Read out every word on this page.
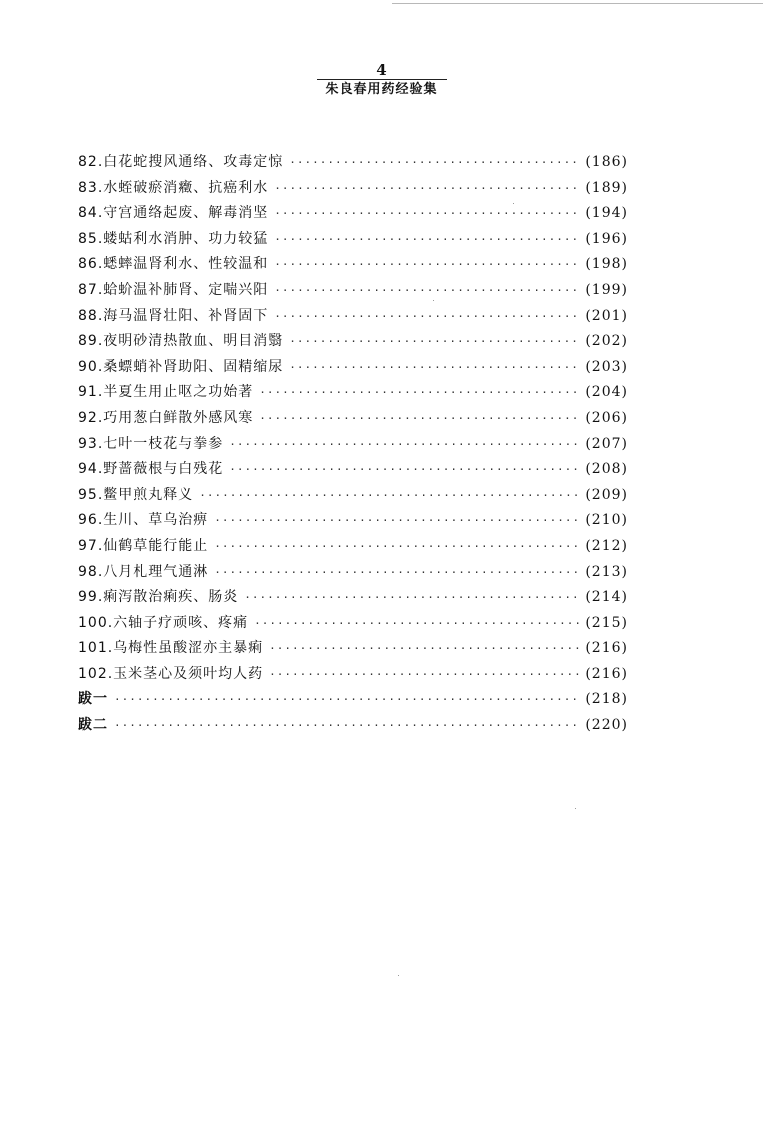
4
朱良春用药经验集
82.白花蛇搜风通络、攻毒定惊 ·····	(186)
83.水蛭破瘀消癥、抗癌利水 ·····	(189)
84.守宫通络起废、解毒消坚 ·····	(194)
85.蝼蛄利水消肿、功力较猛 ·····	(196)
86.蟋蟀温肾利水、性较温和 ·····	(198)
87.蛤蚧温补肺肾、定喘兴阳 ·····	(199)
88.海马温肾壮阳、补肾固下 ·····	(201)
89.夜明砂清热散血、明目消翳 ·····	(202)
90.桑螵蛸补肾助阳、固精缩尿 ·····	(203)
91.半夏生用止呕之功始著 ·····	(204)
92.巧用葱白鲜散外感风寒 ·····	(206)
93.七叶一枝花与拳参 ·····	(207)
94.野蔷薇根与白残花 ·····	(208)
95.鳖甲煎丸释义 ·····	(209)
96.生川、草乌治痹 ·····	(210)
97.仙鹤草能行能止 ·····	(212)
98.八月札理气通淋 ·····	(213)
99.痢泻散治痢疾、肠炎 ·····	(214)
100.六轴子疗顽咳、疼痛 ·····	(215)
101.乌梅性虽酸涩亦主暴痢 ·····	(216)
102.玉米茎心及须叶均人药 ·····	(216)
跋一 ·····	(218)
跋二 ·····	(220)
